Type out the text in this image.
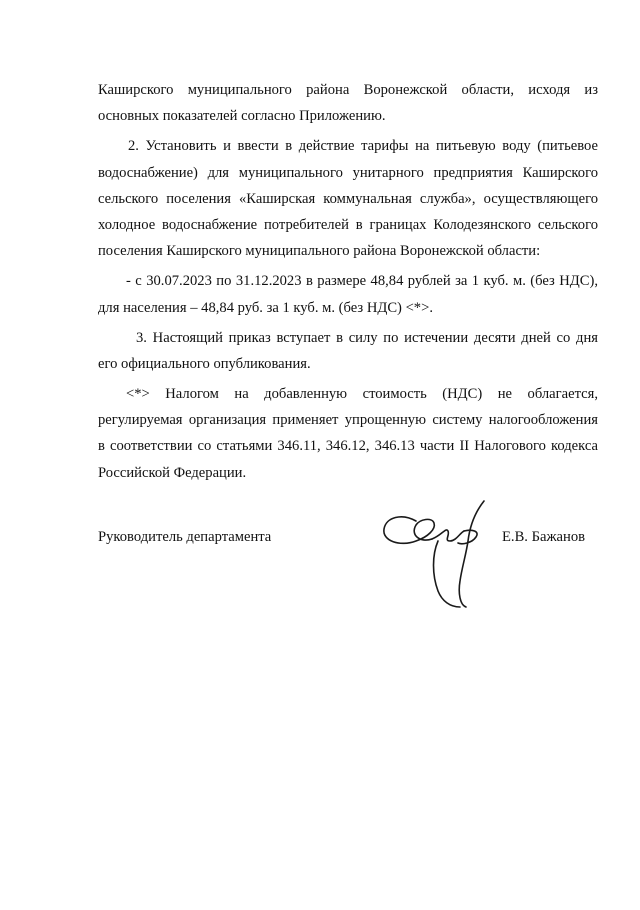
Каширского муниципального района Воронежской области, исходя из
основных показателей согласно Приложению.
2. Установить и ввести в действие тарифы на питьевую воду (питьевое
водоснабжение) для муниципального унитарного предприятия Каширского
сельского поселения «Каширская коммунальная служба», осуществляющего
холодное водоснабжение потребителей в границах Колодезянского сельского
поселения Каширского муниципального района Воронежской области:
- с 30.07.2023 по 31.12.2023 в размере 48,84 рублей за 1 куб. м. (без НДС),
для населения – 48,84 руб. за 1 куб. м. (без НДС) <*>.
3. Настоящий приказ вступает в силу по истечении десяти дней со дня
его официального опубликования.
<*> Налогом на добавленную стоимость (НДС) не облагается,
регулируемая организация применяет упрощенную систему налогообложения
в соответствии со статьями 346.11, 346.12, 346.13 части II Налогового кодекса
Российской Федерации.
Руководитель департамента	Е.В. Бажанов
